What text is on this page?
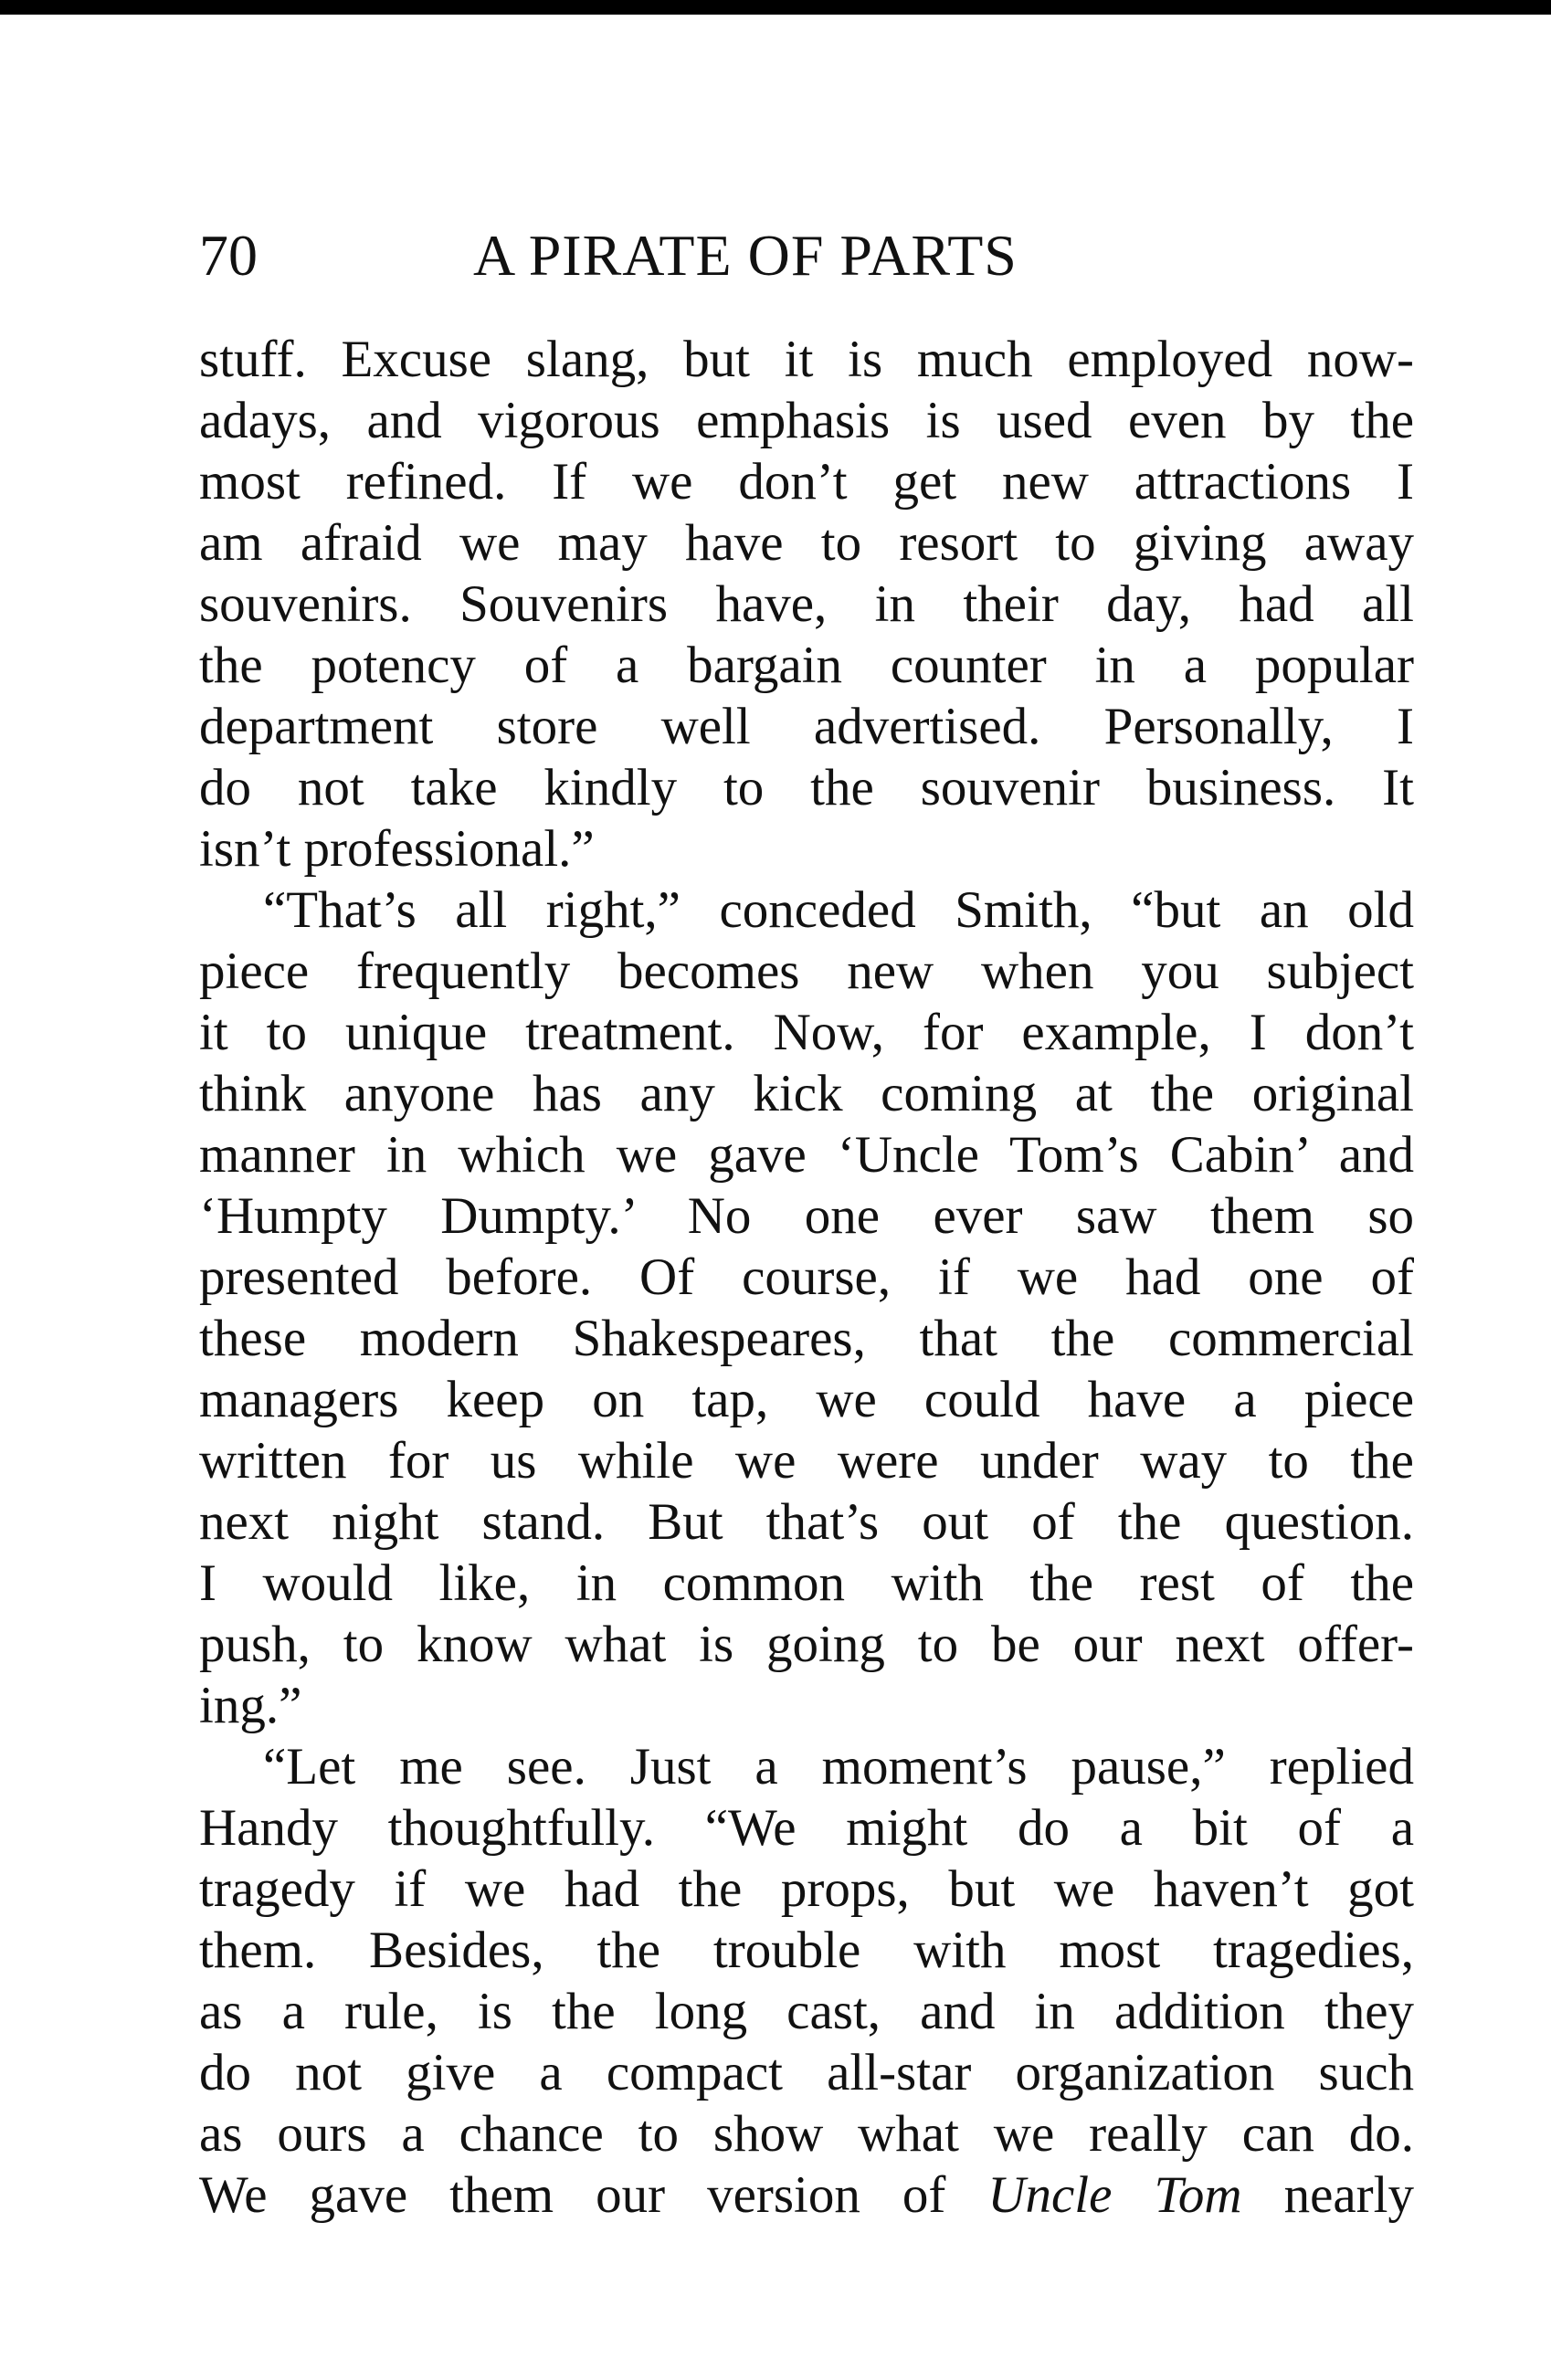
70	A PIRATE OF PARTS
stuff. Excuse slang, but it is much employed now-
adays, and vigorous emphasis is used even by the
most refined. If we don’t get new attractions I
am afraid we may have to resort to giving away
souvenirs. Souvenirs have, in their day, had all
the potency of a bargain counter in a popular
department store well advertised. Personally, I
do not take kindly to the souvenir business. It
isn’t professional.”
“That’s all right,” conceded Smith, “but an old
piece frequently becomes new when you subject
it to unique treatment. Now, for example, I don’t
think anyone has any kick coming at the original
manner in which we gave ‘Uncle Tom’s Cabin’ and
‘Humpty Dumpty.’ No one ever saw them so
presented before. Of course, if we had one of
these modern Shakespeares, that the commercial
managers keep on tap, we could have a piece
written for us while we were under way to the
next night stand. But that’s out of the question.
I would like, in common with the rest of the
push, to know what is going to be our next offer-
ing.”
“Let me see. Just a moment’s pause,” replied
Handy thoughtfully. “We might do a bit of a
tragedy if we had the props, but we haven’t got
them. Besides, the trouble with most tragedies,
as a rule, is the long cast, and in addition they
do not give a compact all-star organization such
as ours a chance to show what we really can do.
We gave them our version of Uncle Tom nearly
